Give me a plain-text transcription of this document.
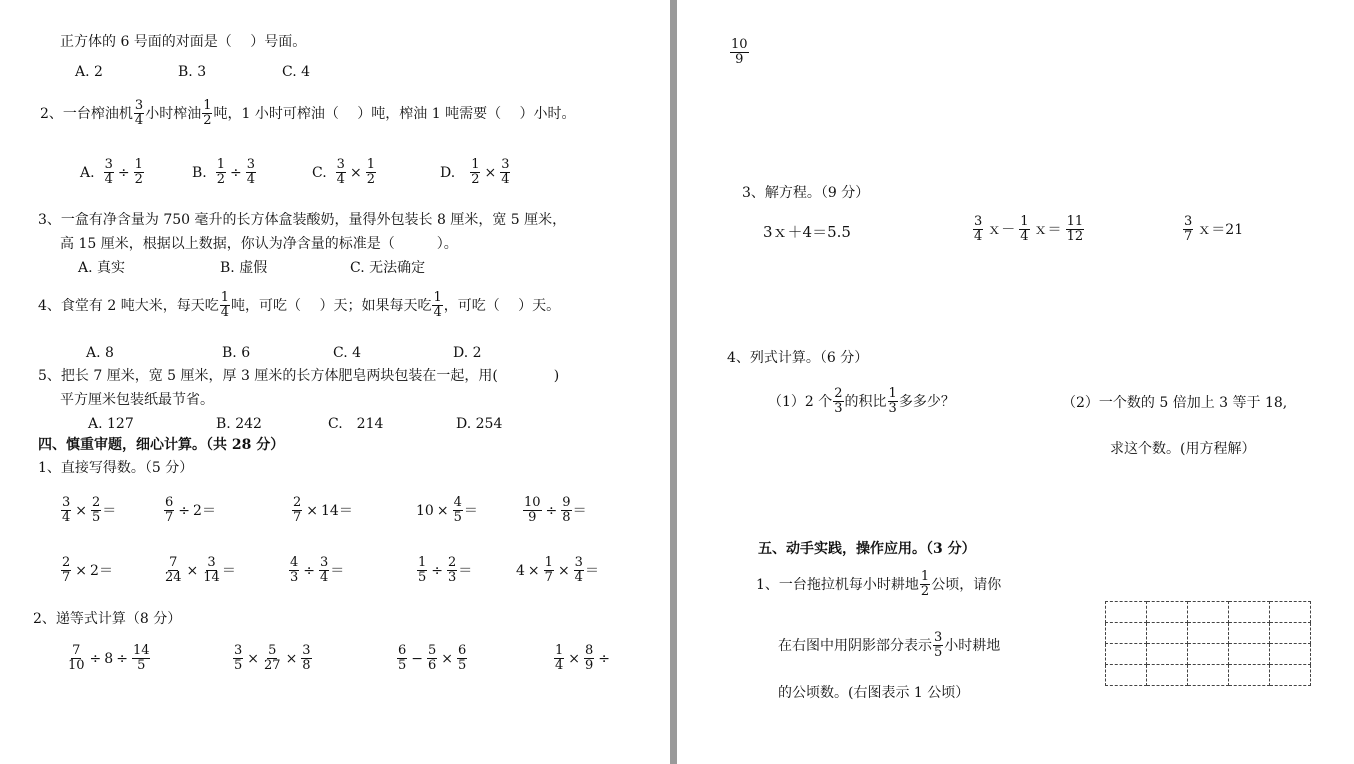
正方体的 6 号面的对面是（　 ）号面。
A. 2	B. 3	C. 4
2、一台榨油机 $\frac{3}{4}$ 小时榨油 $\frac{1}{2}$ 吨，1 小时可榨油（　 ）吨，榨油 1 吨需要（　 ）小时。
A. $\frac{3}{4} \div \frac{1}{2}$	B. $\frac{1}{2} \div \frac{3}{4}$	C. $\frac{3}{4} \times \frac{1}{2}$	D. $\frac{1}{2} \times \frac{3}{4}$
3、一盒有净含量为 750 毫升的长方体盒装酸奶，量得外包装长 8 厘米，宽 5 厘米，
高 15 厘米，根据以上数据，你认为净含量的标准是（　　　）。
A. 真实	B. 虚假	C. 无法确定
4、食堂有 2 吨大米，每天吃 $\frac{1}{4}$ 吨，可吃（　 ）天；如果每天吃 $\frac{1}{4}$ ，可吃（　 ）天。
A. 8	B. 6	C. 4	D. 2
5、把长 7 厘米，宽 5 厘米，厚 3 厘米的长方体肥皂两块包装在一起，用(　　　　)
平方厘米包装纸最节省。
A. 127	B. 242	C.　214	D. 254
四、慎重审题，细心计算。（共 28 分）
1、直接写得数。（5 分）
$\frac{3}{4} \times \frac{2}{5}$ ＝	$\frac{6}{7} \div 2$ ＝	$\frac{2}{7} \times 14$ ＝	$10 \times \frac{4}{5}$ ＝	$\frac{10}{9} \div \frac{9}{8}$ ＝
$\frac{2}{7} \times 2$ ＝	$\frac{7}{24} \times \frac{3}{14}$ ＝	$\frac{4}{3} \div \frac{3}{4}$ ＝	$\frac{1}{5} \div \frac{2}{3}$ ＝	$4 \times \frac{1}{7} \times \frac{3}{4}$ ＝
2、递等式计算（8 分）
$\frac{7}{10} \div 8 \div \frac{14}{5}$	$\frac{3}{5} \times \frac{5}{27} \times \frac{3}{8}$	$\frac{6}{5} - \frac{5}{6} \times \frac{6}{5}$	$\frac{1}{4} \times \frac{8}{9}$ ÷
$\frac{10}{9}$
3、解方程。（9 分）
3ｘ＋4＝5.5	$\frac{3}{4}$ ｘ－ $\frac{1}{4}$ ｘ＝ $\frac{11}{12}$	$\frac{3}{7}$ ｘ＝21
4、列式计算。（6 分）
（1）2 个 $\frac{2}{3}$ 的积比 $\frac{1}{3}$ 多多少？	（2）一个数的 5 倍加上 3 等于 18,
求这个数。(用方程解）
五、动手实践，操作应用。（3 分）
1、一台拖拉机每小时耕地 $\frac{1}{2}$ 公顷，请你
在右图中用阴影部分表示 $\frac{3}{5}$ 小时耕地
的公顷数。(右图表示 1 公顷）
